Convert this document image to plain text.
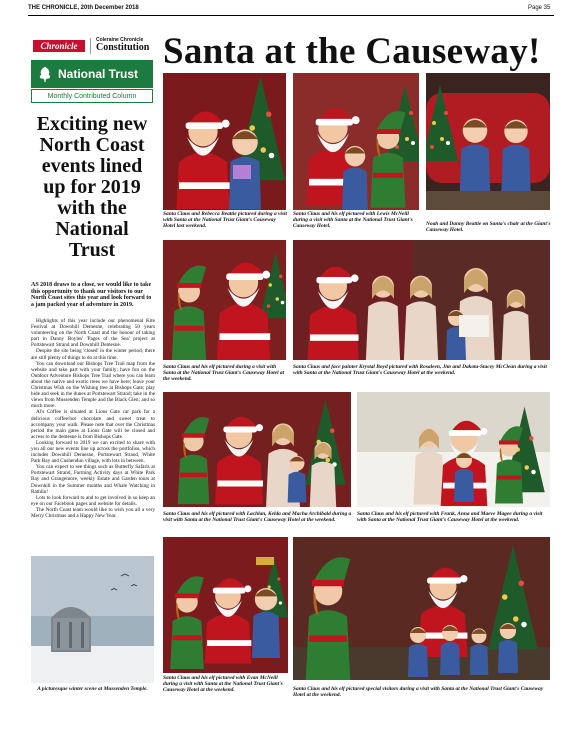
THE CHRONICLE, 20th December 2018	Page 35
Chronicle
Coleraine Chronicle
Constitution
National Trust
Monthly Contributed Column
Santa at the Causeway!
Exciting new North Coast events lined up for 2019 with the National Trust
AS 2018 draws to a close, we would like to take this opportunity to thank our visitors to our North Coast sites this year and look forward to a jam packed year of adventure in 2019.

Highlights of this year include our phenomenal Kite Festival at Downhill Demesne, celebrating 50 years volunteering on the North Coast and the honour of taking part in Danny Boyles' 'Pages of the Sea' project at Portstewart Strand and Downhill Demesne.

Despite the site being 'closed' in the winter period, there are still plenty of things to do at this time.

You can download our Bishops Tree Trail map from the website and take part with your family; have fun on the Outdoor Adventure Bishops Tree Trail where you can learn about the native and exotic trees we have here; leave your Christmas Wish on the Wishing tree at Bishops Gate; play hide and seek in the dunes at Portstewart Strand; take in the views from Mussenden Temple and the Black Glen; and so much more.

Al's Coffee is situated at Lions Gate car park for a delicious coffee/hot chocolate and sweet treat to accompany your walk. Please note that over the Christmas period the main gates at Lions Gate will be closed and access to the demesne is from Bishops Gate.

Looking forward to 2019 we can excited to share with you all our new events line up across the portfolios, which includes Downhill Demesne, Portstewart Strand, White Park Bay and Cushendun village, with lots in between.

You can expect to see things such as Butterfly Safaris at Portstewart Strand, Farming Activity days at White Park Bay and Grangemore, weekly Estate and Garden tours at Downhill in the Summer months and Whale Watching in Rathlin!

Lots to look forward to and to get involved in so keep an eye on our Facebook pages and website for details.

The North Coast team would like to wish you all a very Merry Christmas and a Happy New Year.

Santa Claus and Rebecca Beattie pictured during a visit with Santa at the National Trust Giant's Causeway Hotel last weekend.
Santa Claus and his elf pictured with Lewis McNeill during a visit with Santa at the National Trust Giant's Causeway Hotel.	Noah and Danny Beattie on Santa's chair at the Giant's Causeway Hotel.
Santa Claus and his elf pictured during a visit with Santa at the National Trust Giant's Causeway Hotel at the weekend.
Santa Claus and face painter Krystal Boyd pictured with Rosaleen, Jim and Dakota-Stacey McClean during a visit with Santa at the National Trust Giant's Causeway Hotel at the weekend.
Santa Claus and his elf pictured with Lachlan, Kelda and Macha Archibald during a visit with Santa at the National Trust Giant's Causeway Hotel at the weekend.
Santa Claus and his elf pictured with Frank, Anna and Maeve Magee during a visit with Santa at the National Trust Giant's Causeway Hotel at the weekend.
A picturesque winter scene at Mussenden Temple.
Santa Claus and his elf pictured with Evan McNeill during a visit with Santa at the National Trust Giant's Causeway Hotel at the weekend.	Santa Claus and his elf pictured special visitors during a visit with Santa at the National Trust Giant's Causeway Hotel at the weekend.
